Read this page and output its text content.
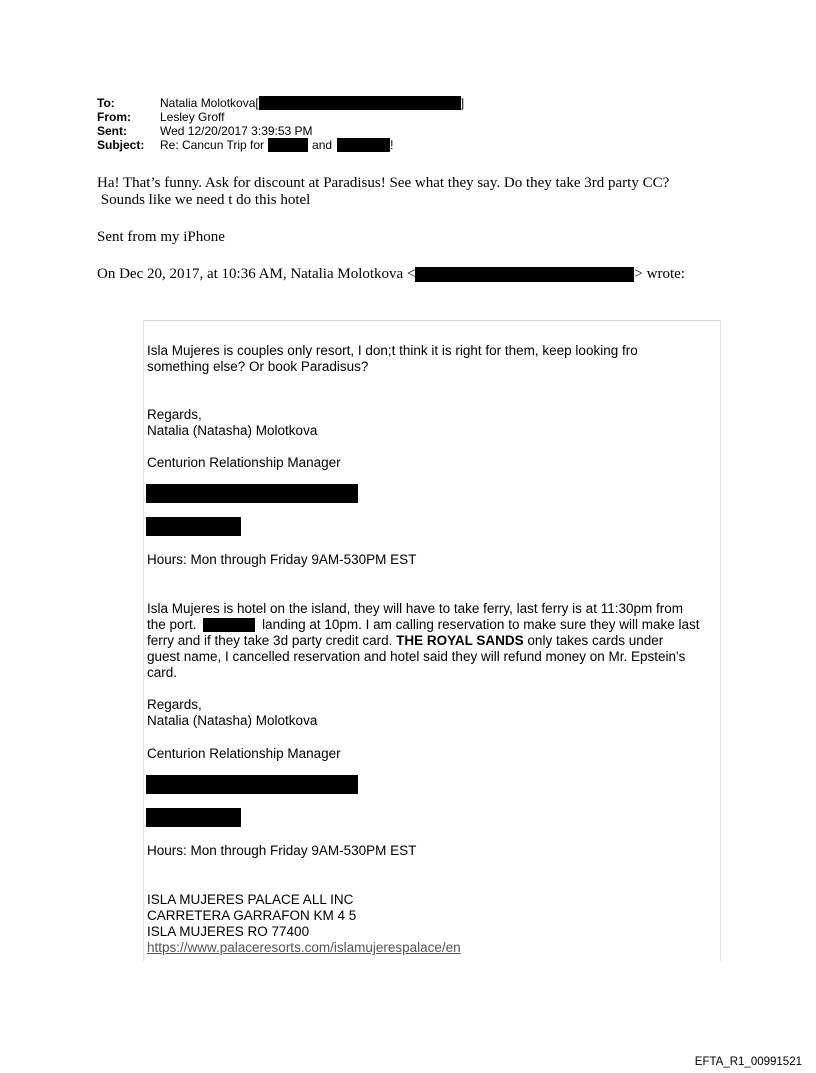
To:	Natalia Molotkova[	]
From:	Lesley Groff
Sent:	Wed 12/20/2017 3:39:53 PM
Subject:	Re: Cancun Trip for	and	!
Ha! That’s funny. Ask for discount at Paradisus! See what they say. Do they take 3rd party CC?
Sounds like we need t do this hotel
Sent from my iPhone
On Dec 20, 2017, at 10:36 AM, Natalia Molotkova <	> wrote:
Isla Mujeres is couples only resort, I don;t think it is right for them, keep looking fro
something else? Or book Paradisus?
Regards,
Natalia (Natasha) Molotkova
Centurion Relationship Manager
Hours: Mon through Friday 9AM-530PM EST
Isla Mujeres is hotel on the island, they will have to take ferry, last ferry is at 11:30pm from
the port.	landing at 10pm. I am calling reservation to make sure they will make last
ferry and if they take 3d party credit card. THE ROYAL SANDS only takes cards under
guest name, I cancelled reservation and hotel said they will refund money on Mr. Epstein's
card.
Regards,
Natalia (Natasha) Molotkova
Centurion Relationship Manager
Hours: Mon through Friday 9AM-530PM EST
ISLA MUJERES PALACE ALL INC
CARRETERA GARRAFON KM 4 5
ISLA MUJERES RO 77400
https://www.palaceresorts.com/islamujerespalace/en
EFTA_R1_00991521
